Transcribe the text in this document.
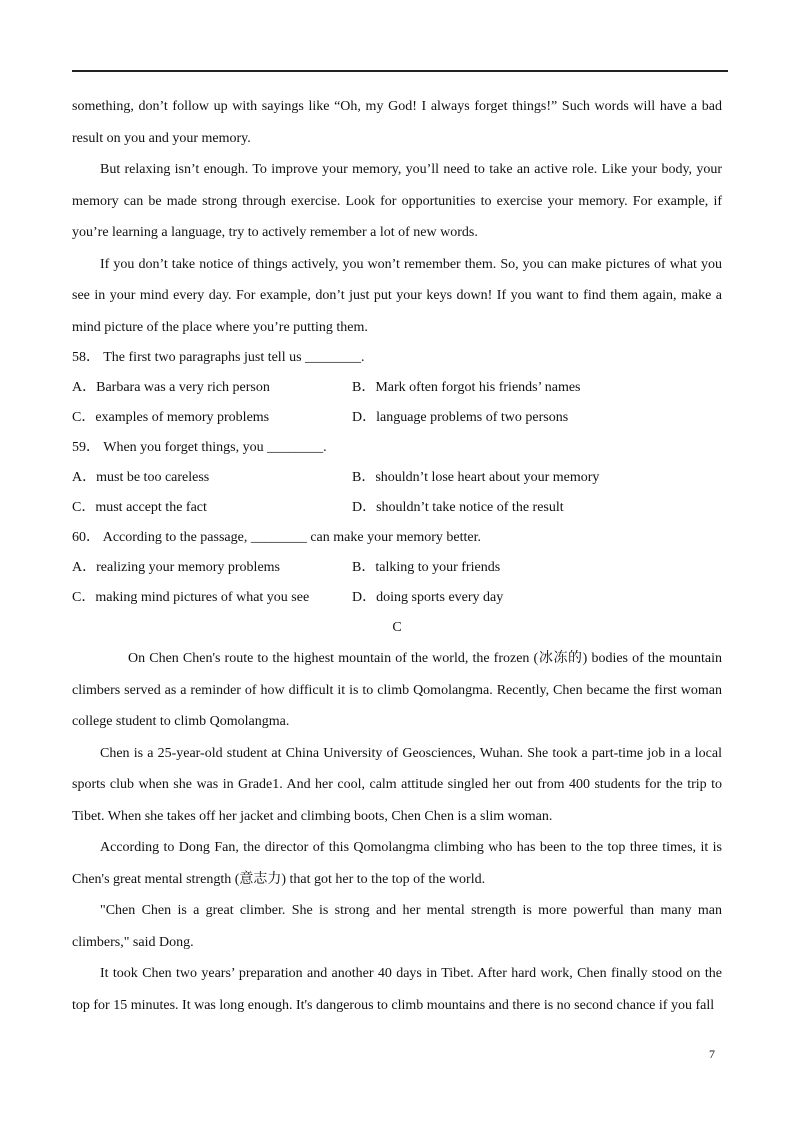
something, don’t follow up with sayings like “Oh, my God! I always forget things!” Such words will have a bad result on you and your memory.

But relaxing isn’t enough. To improve your memory, you’ll need to take an active role. Like your body, your memory can be made strong through exercise. Look for opportunities to exercise your memory. For example, if you’re learning a language, try to actively remember a lot of new words.

If you don’t take notice of things actively, you won’t remember them. So, you can make pictures of what you see in your mind every day. For example, don’t just put your keys down! If you want to find them again, make a mind picture of the place where you’re putting them.

58． The first two paragraphs just tell us ________.

A．Barbara was a very rich person	B．Mark often forgot his friends’ names
C．examples of memory problems	D．language problems of two persons

59． When you forget things, you ________.

A．must be too careless	B．shouldn’t lose heart about your memory
C．must accept the fact	D．shouldn’t take notice of the result

60． According to the passage, ________ can make your memory better.

A．realizing your memory problems	B．talking to your friends
C．making mind pictures of what you see	D．doing sports every day

C

On Chen Chen's route to the highest mountain of the world, the frozen (冰冻的) bodies of the mountain climbers served as a reminder of how difficult it is to climb Qomolangma. Recently, Chen became the first woman college student to climb Qomolangma.

Chen is a 25-year-old student at China University of Geosciences, Wuhan. She took a part-time job in a local sports club when she was in Grade1. And her cool, calm attitude singled her out from 400 students for the trip to Tibet. When she takes off her jacket and climbing boots, Chen Chen is a slim woman.

According to Dong Fan, the director of this Qomolangma climbing who has been to the top three times, it is Chen's great mental strength (意志力) that got her to the top of the world.

"Chen Chen is a great climber. She is strong and her mental strength is more powerful than many man climbers," said Dong.

It took Chen two years’ preparation and another 40 days in Tibet. After hard work, Chen finally stood on the top for 15 minutes. It was long enough. It's dangerous to climb mountains and there is no second chance if you fall

7
